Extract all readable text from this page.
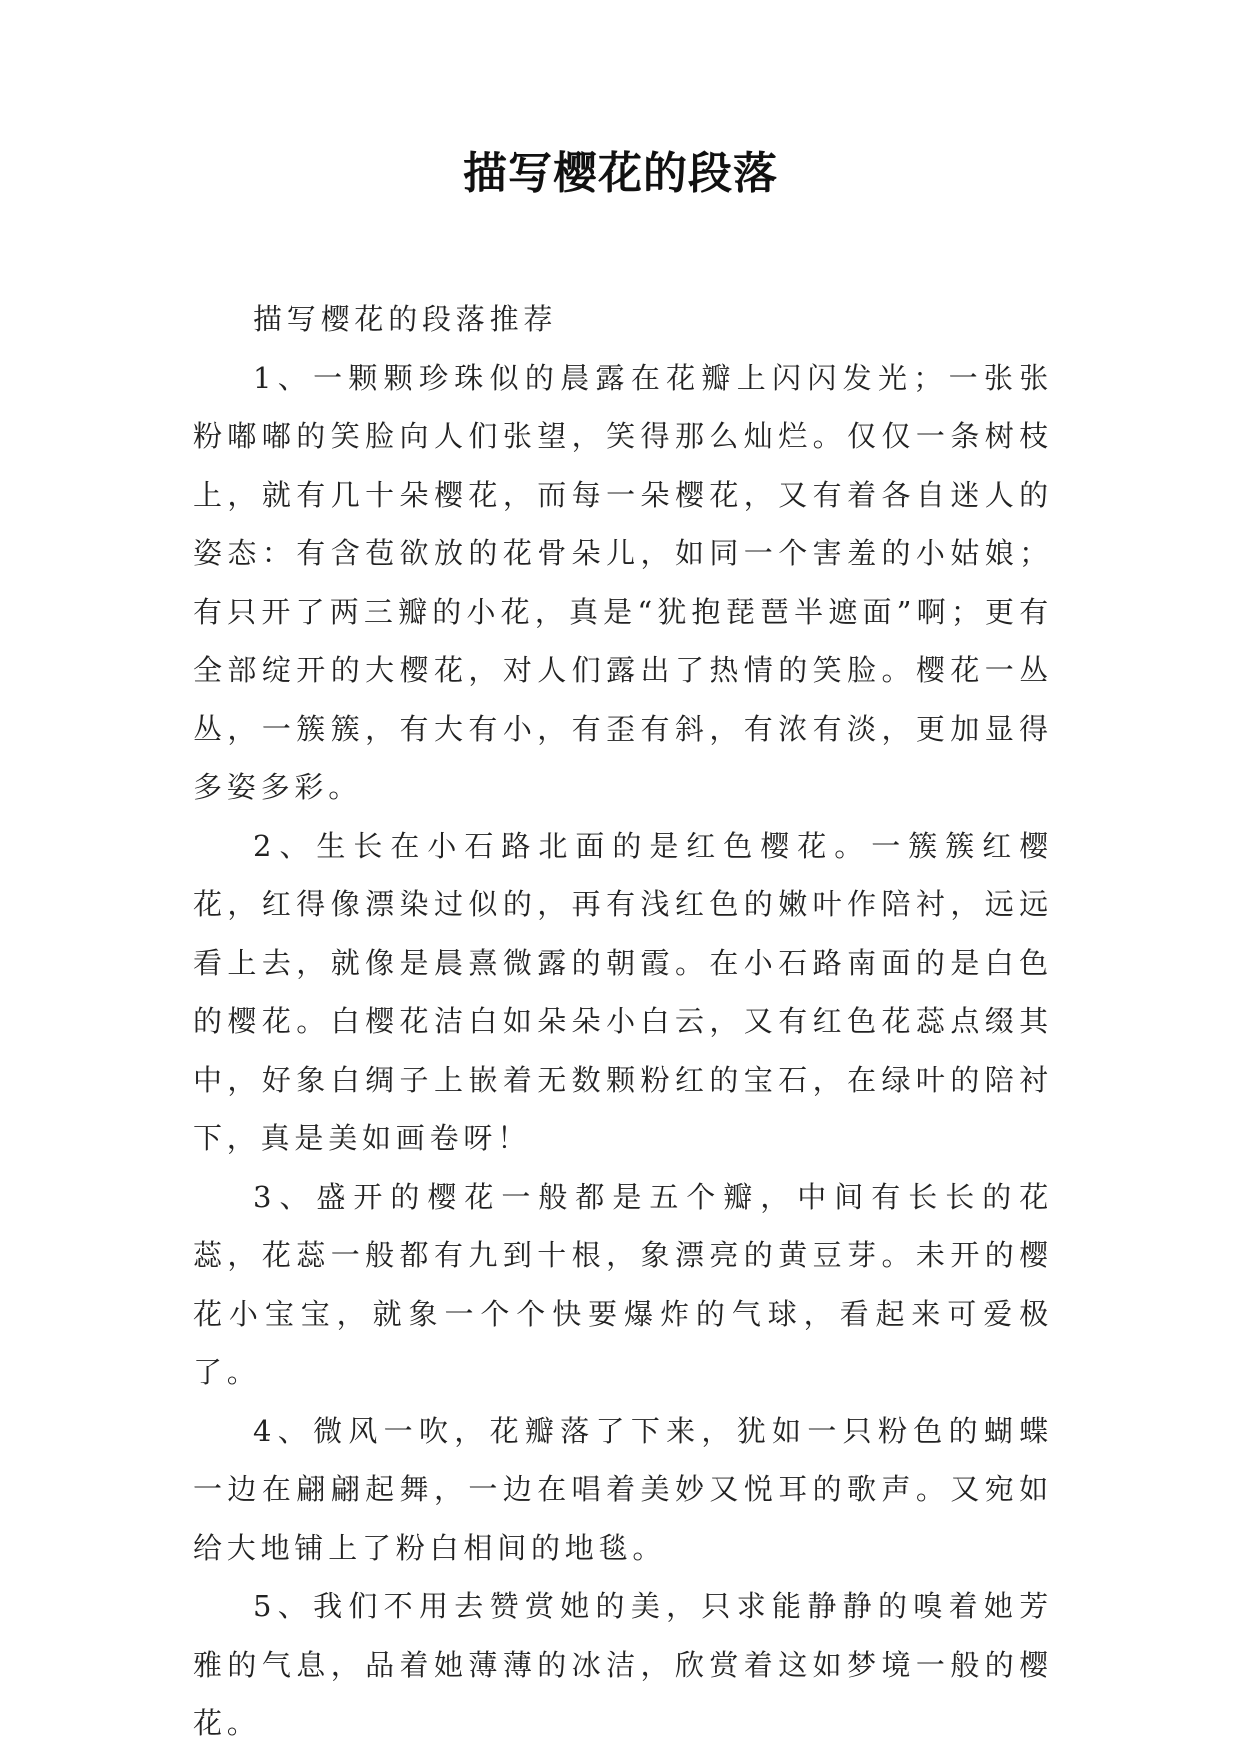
描写樱花的段落

描写樱花的段落推荐

1、一颗颗珍珠似的晨露在花瓣上闪闪发光；一张张粉嘟嘟的笑脸向人们张望，笑得那么灿烂。仅仅一条树枝上，就有几十朵樱花，而每一朵樱花，又有着各自迷人的姿态：有含苞欲放的花骨朵儿，如同一个害羞的小姑娘；有只开了两三瓣的小花，真是“犹抱琵琶半遮面”啊；更有全部绽开的大樱花，对人们露出了热情的笑脸。樱花一丛丛，一簇簇，有大有小，有歪有斜，有浓有淡，更加显得多姿多彩。

2、生长在小石路北面的是红色樱花。一簇簇红樱花，红得像漂染过似的，再有浅红色的嫩叶作陪衬，远远看上去，就像是晨熹微露的朝霞。在小石路南面的是白色的樱花。白樱花洁白如朵朵小白云，又有红色花蕊点缀其中，好象白绸子上嵌着无数颗粉红的宝石，在绿叶的陪衬下，真是美如画卷呀！

3、盛开的樱花一般都是五个瓣，中间有长长的花蕊，花蕊一般都有九到十根，象漂亮的黄豆芽。未开的樱花小宝宝，就象一个个快要爆炸的气球，看起来可爱极了。

4、微风一吹，花瓣落了下来，犹如一只粉色的蝴蝶一边在翩翩起舞，一边在唱着美妙又悦耳的歌声。又宛如给大地铺上了粉白相间的地毯。

5、我们不用去赞赏她的美，只求能静静的嗅着她芳雅的气息，品着她薄薄的冰洁，欣赏着这如梦境一般的樱花。
